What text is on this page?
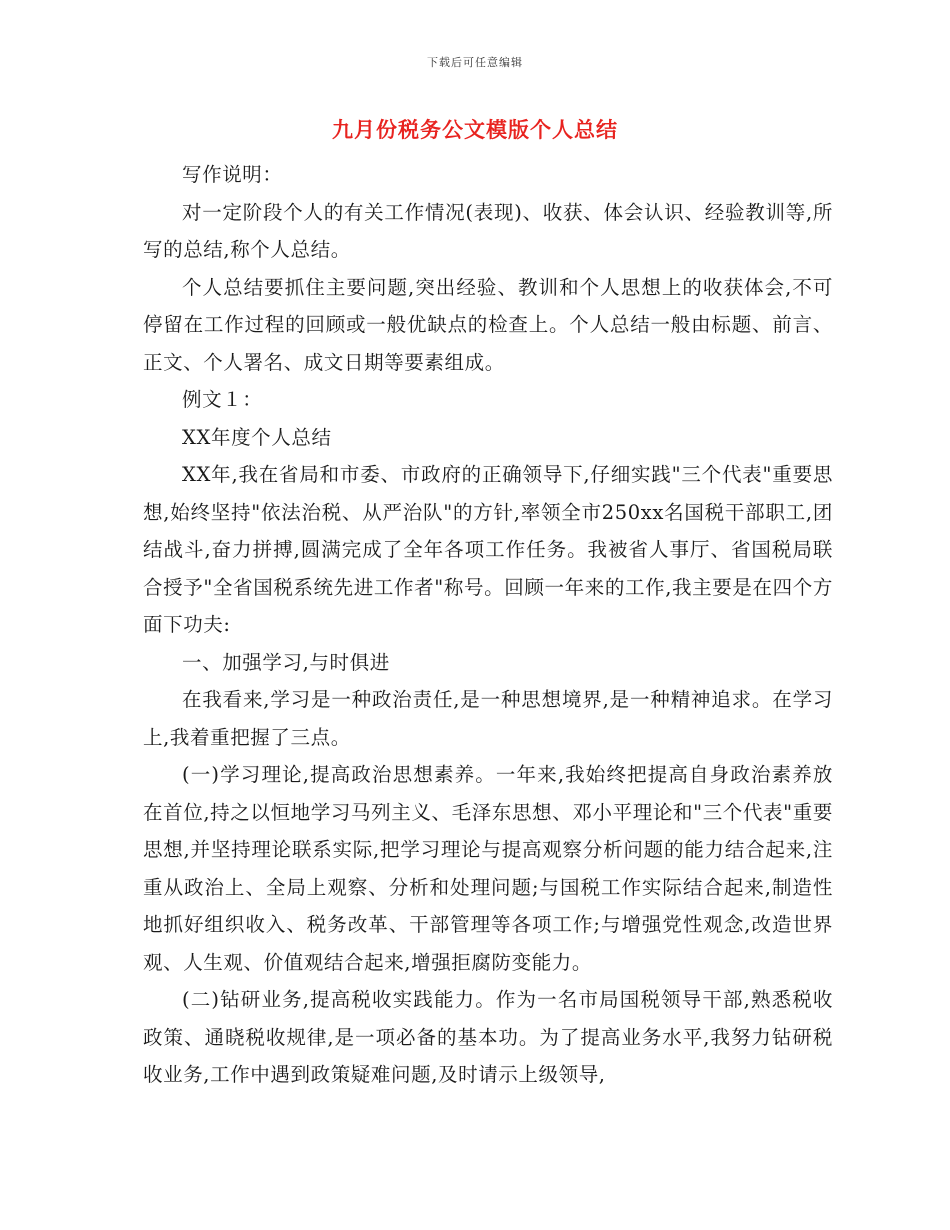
下载后可任意编辑
九月份税务公文模版个人总结

写作说明：

对一定阶段个人的有关工作情况(表现)、收获、体会认识、经验教训等,所写的总结,称个人总结。

个人总结要抓住主要问题,突出经验、教训和个人思想上的收获体会,不可停留在工作过程的回顾或一般优缺点的检查上。个人总结一般由标题、前言、正文、个人署名、成文日期等要素组成。

例文１：

XX年度个人总结

XX年,我在省局和市委、市政府的正确领导下,仔细实践"三个代表"重要思想,始终坚持"依法治税、从严治队"的方针,率领全市250xx名国税干部职工,团结战斗,奋力拼搏,圆满完成了全年各项工作任务。我被省人事厅、省国税局联合授予"全省国税系统先进工作者"称号。回顾一年来的工作,我主要是在四个方面下功夫:

一、加强学习,与时俱进

在我看来,学习是一种政治责任,是一种思想境界,是一种精神追求。在学习上,我着重把握了三点。

(一)学习理论,提高政治思想素养。一年来,我始终把提高自身政治素养放在首位,持之以恒地学习马列主义、毛泽东思想、邓小平理论和"三个代表"重要思想,并坚持理论联系实际,把学习理论与提高观察分析问题的能力结合起来,注重从政治上、全局上观察、分析和处理问题;与国税工作实际结合起来,制造性地抓好组织收入、税务改革、干部管理等各项工作;与增强党性观念,改造世界观、人生观、价值观结合起来,增强拒腐防变能力。

(二)钻研业务,提高税收实践能力。作为一名市局国税领导干部,熟悉税收政策、通晓税收规律,是一项必备的基本功。为了提高业务水平,我努力钻研税收业务,工作中遇到政策疑难问题,及时请示上级领导,
